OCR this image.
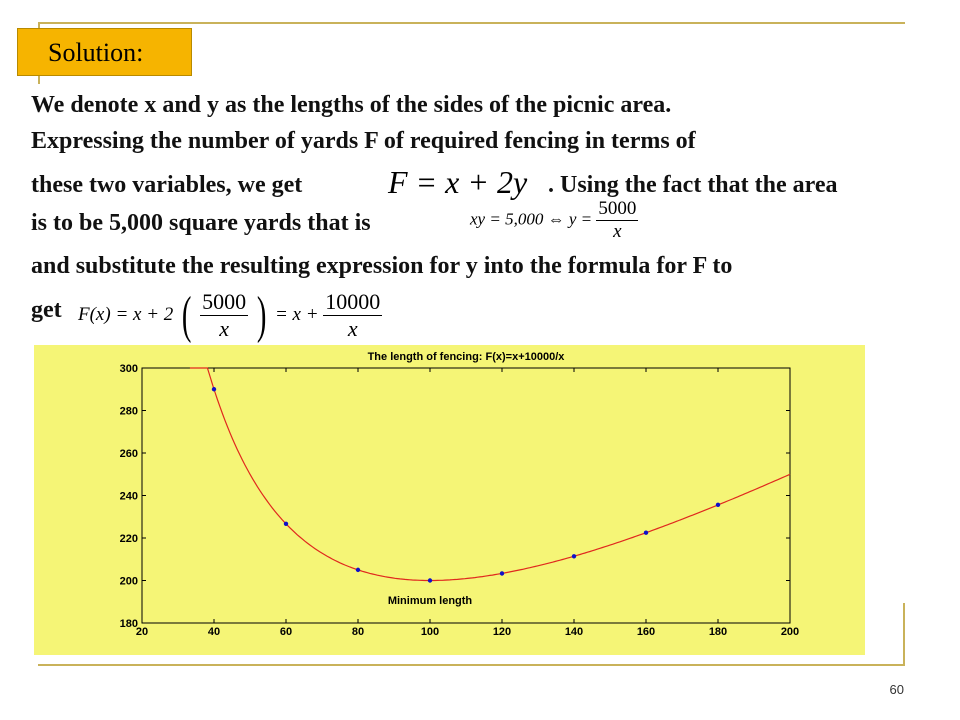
Solution:
We denote x and y as the lengths of the sides of the picnic area.
Expressing the number of yards F of required fencing in terms of
these two variables, we get	. Using the fact that the area
is to be 5,000 square yards that is
and substitute the resulting expression for y into the formula for F to
get
F = x + 2y
xy = 5,000 ⇔ $y = \frac{5000}{x}$
F(x) = x + 2 ( $\frac{5000}{x}$ ) = $x + \frac{10000}{x}$
The length of fencing: F(x)=x+10000/x
20	40	60	80	100	120	140	160	180	200
180
200
220
240
260
280
300
Minimum length
60
